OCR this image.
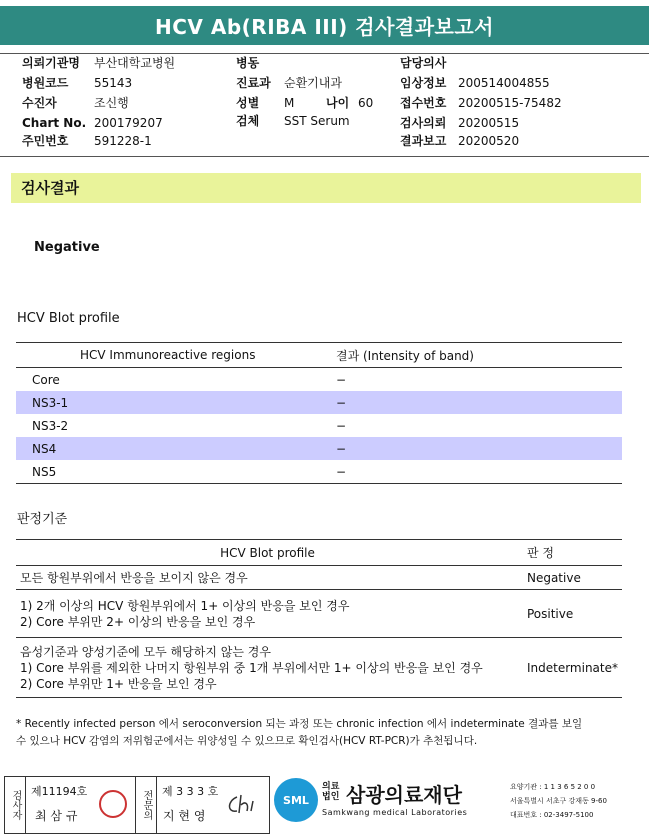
HCV Ab(RIBA III) 검사결과보고서
의뢰기관명 부산대학교병원
병원코드 55143
수진자	조신행
Chart No. 200179207
주민번호 591228-1
병동
진료과 순환기내과
성별 M	나이 60
검체 SST Serum
담당의사
임상정보 200514004855
접수번호 20200515-75482
검사의뢰 20200515
결과보고 20200520
검사결과
Negative
HCV Blot profile
HCV Immunoreactive regions	결과 (Intensity of band)
Core	−
NS3-1	−
NS3-2	−
NS4	−
NS5	−
판정기준
HCV Blot profile	판 정

모든 항원부위에서 반응을 보이지 않은 경우	Negative

1) 2개 이상의 HCV 항원부위에서 1+ 이상의 반응을 보인 경우
2) Core 부위만 2+ 이상의 반응을 보인 경우	Positive

음성기준과 양성기준에 모두 해당하지 않는 경우
1) Core 부위를 제외한 나머지 항원부위 중 1개 부위에서만 1+ 이상의 반응을 보인 경우
2) Core 부위만 1+ 반응을 보인 경우	Indeterminate*
* Recently infected person 에서 seroconversion 되는 과정 또는 chronic infection 에서 indeterminate 결과를 보일
수 있으나 HCV 감염의 저위험군에서는 위양성일 수 있으므로 확인검사(HCV RT-PCR)가 추천됩니다.
검사자 제11194호
최 삼 규	전문의 제 3 3 3 호
지 현 영
SML
의료
법인 삼광의료재단
Samkwang medical Laboratories
요양기관 : 1 1 3 6 5 2 0 0
서울특별시 서초구 강재동 9-60
대표번호 : 02-3497-5100
